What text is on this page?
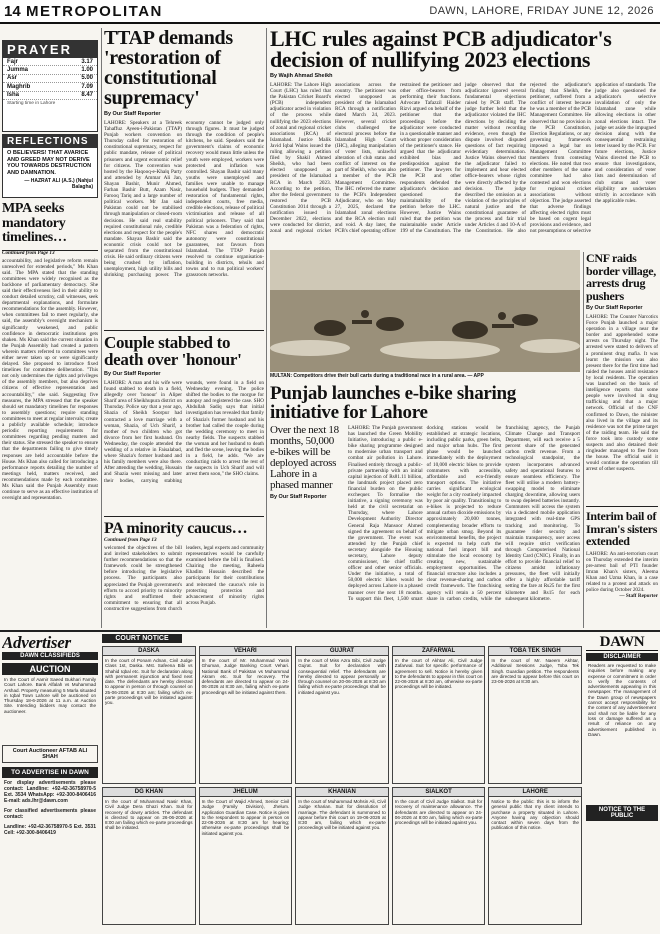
14 METROPOLITAN	DAWN, LAHORE, FRIDAY JUNE 12, 2026
PRAYER
Fajr	3.17
Jumma	1.00
Asr	5.00
Maghrib	7.09
Isha	8.47
Starting time in Lahore
REFLECTIONS
O BELIEVERS! THAT AVARICE AND GREED MAY NOT DERIVE YOU TOWARDS DESTRUCTION AND DAMNATION.
— HAZRAT ALI (A.S.) (Nahjul Balagha)
MPA seeks mandatory timelines…
Continued from Page 13
accountability, and legislative reform remain unresolved for extended periods," Ms Khan said. The MPA stated that the standing committees were widely recognised as the backbone of parliamentary democracy. She said their effectiveness lied in their ability to conduct detailed scrutiny, call witnesses, seek departmental explanations, and formulate recommendations for the assembly. However, when committees fail to meet regularly, she said, the assembly's oversight mechanism is significantly weakened, and public confidence in democratic institutions gets shaken. Ms Khan said the current situation in the Punjab Assembly had created a pattern wherein matters referred to committees were either never taken up or were significantly delayed. She proposed to introduce fixed timelines for committee deliberation. "This not only undermines the rights and privileges of the assembly members, but also deprives citizens of effective representation and accountability," she said. Suggesting five measures, the MPA stressed that the speaker should set mandatory timelines for responses to assembly questions; require standing committees to meet at regular intervals; create a publicly available schedule; introduce periodic reporting requirements for committees regarding pending matters and their status. She stressed the speaker to ensure that the departments failing to give timely responses are held accountable before the House. Ms Khan also called for introducing a performance reports detailing the number of meetings held, matters received, and recommendations made by each committee. Ms Khan said the Punjab Assembly must continue to serve as an effective institution of oversight and representation.
TTAP demands 'restoration of constitutional supremacy'
By Our Staff Reporter
LAHORE: Speakers at a Tehreek Tahaffuz Ayeen-i-Pakistan (TTAP) Punjab workers convention on Thursday called for restoration of constitutional supremacy, respect for public mandate, release of political prisoners and urgent economic relief for citizens. The convention was hosted by the Haqooq-e-Khalq Party and attended by Ammar Ali Jan, Shayan Bashir, Munir Ahmed, Farhan Bashir Butt, Azam Nasir, Farooq Tariq and a large number of political workers. Mr Jan said Pakistan could not be stabilised through manipulation or closed-room decisions. He said real stability required constitutional rule, credible elections and respect for the people's mandate. Shayan Bashir said the economic crisis could not be separated from the constitutional crisis. He said ordinary citizens were being crushed by inflation, unemployment, high utility bills and shrinking purchasing power. The economy cannot be judged only through figures. It must be judged through the condition of people's kitchens, he said. Speakers said the government's claims of economic recovery would mean little unless the youth were employed, workers were protected and inflation was controlled. Shayan Bashir said many youths were unemployed and families were unable to manage household budgets. They demanded restoration of fundamental rights, independent courts, free media, credible elections, release of political victimisation and release of all political prisoners. They said that Pakistan was a federation of rights, NFC shares and democratic autonomy were constitutional guarantees, not favours from Islamabad. The TTAP Punjab resolved to continue organisation-building in districts, tehsils and towns and to run political workers' grassroots networks.
Couple stabbed to death over 'honour'
By Our Staff Reporter
LAHORE: A man and his wife were found stabbed to death in a field, allegedly over 'honour' in Aliper Sharif area of Sheikhupura district on Thursday. Police say that a year ago, Shazia of Sheikh Soorpur had contracted a love marriage with a woman, Shazia, of Uch Sharif, a mother of two children who got divorce from her first husband. On Wednesday, the couple attended the wedding of a relative in Faisalabad, where Shazia's former husband and his family members were also there. After attending the wedding, Hussain and Shazia went missing and later their bodies, carrying stabbing wounds, were found in a field on Wednesday evening. The police shifted the bodies to the morgue for autopsy and registered the case. SHO Abdullah Sadiq says that initial investigation has revealed that family of Shazia's former husband and his brother had called the couple during the wedding ceremony to meet in nearby fields. The suspects stabbed the woman and her husband to death and fled the scene, leaving the bodies in a field, he adds. "We are conducting raids to arrest the rest of the suspects in Uch Sharif and will arrest them soon," the SHO claims.
PA minority caucus…
Continued from Page 13
welcomed the objectives of the bill and invited stakeholders to submit further recommendations so that the framework could be strengthened before introducing the legislative process. The participants also appreciated the Punjab government's efforts to accord priority to minority rights and reaffirmed their commitment to ensuring that all constructive suggestions from church leaders, legal experts and community representatives would be carefully examined before the bill is finalised. Chairing the meeting, Raheela Khadim Hussain described the participants for their contributions and reiterated the caucus's role in protecting protection and advancement of minority rights across Punjab.
LHC rules against PCB adjudicator's decision of nullifying 2023 elections
By Wajih Ahmad Sheikh
LAHORE: The Lahore High Court (LHC) has ruled that the Pakistan Cricket Board's (PCB) independent adjudicator acted in violation of the process while nullifying the 2023 elections of zonal and regional cricket associations (RCA) of Islamabad. Justice Malik Javid Iqbal Wains issued the ruling allowing a petition filed by Shakil Ahmed Sheikh, who had been elected unopposed as president of the Islamabad RCA in March 2023. According to the petition, after the federal government restored the PCB Constitution 2014 through a notification issued in December 2022, elections were conducted for district, zonal and regional cricket associations across the country. The petitioner was elected unopposed as president of the Islamabad RCA through a notification dated March 24, 2023. However, several cricket clubs challenged the electoral process before the Islamabad High Court (IHC), alleging manipulation of voter lists, unlawful alteration of club status and conflict of interest on the part of Sheikh, who was also a member of the PCB Management Committee. The IHC referred the matter to the PCB's Independent Adjudicator, who on May 27, 2025, declared the Islamabad zonal elections and the RCA election null and void. A day later, the PCB's chief operating officer restrained the petitioner and other office-bearers from performing their functions. Advocate Tafazzil Haider Rizvi argued on behalf of the petitioner that the proceedings before the adjudicator were conducted in a questionable manner and without proper consideration of the petitioner's stance. He argued that the adjudicator exhibited bias and predisposition against the petitioner. The lawyers for the PCB and other respondents defended the adjudicator's decision and questioned the maintainability of the petition before the LHC. However, Justice Wains ruled that the petition was maintainable under Article 199 of the Constitution. The judge observed that the adjudicator ignored several fundamental objections raised by PCB staff. The judge further held that the adjudicator violated the IHC directions by deciding the matter without recording evidence, even though the dispute involved disputed questions of fact requiring evidentiary determination. Justice Wains observed that the adjudicator failed to implement and hear elected office-bearers whose rights were directly affected by the decision. The judge described the omission as a violation of the principles of natural justice and the constitutional guarantee of the process and fair trial under Articles 4 and 10-A of the Constitution. He also rejected the adjudicator's finding that Sheikh, the petitioner, suffered from a conflict of interest because he was a member of the PCB Management Committee. He observed that no provision in the PCB Constitution, Election Regulations, or any governing framework imposed a legal bar on Management Committee members from contesting elections. He noted that two other members of the same committee had also contested and won elections for regional cricket associations without objection. The judge asserted that adverse findings affecting elected rights must be based on cogent legal provisions and evidence, and not presumptions or selective application of standards. The judge also questioned the adjudicator's selective invalidation of only the Islamabad zone while allowing elections in other zonal elections intact. The judge set aside the impugned decision along with the consequential restraining letter issued by the PCB. For future elections, Justice Wains directed the PCB to ensure that investigations, and consideration of voter lists and determination of club status and voter eligibility are undertaken strictly in accordance with the applicable rules.
MULTAN: Competitors drive their bull carts during a traditional race in a rural area. — APP
Punjab launches e-bike sharing initiative for Lahore
Over the next 18 months, 50,000 e-bikes will be deployed across Lahore in a phased manner
By Our Staff Reporter
LAHORE: The Punjab government has launched the Green Mobility Initiative, introducing a public e-bike sharing programme designed to modernise urban transport and combat air pollution in Lahore. Finalised entirely through a public-private partnership with an initial capital injection of Rs81.11 billion, the landmark project placed zero financial burden on the public exchequer. To formalise the initiative, a signing ceremony was held at the civil secretariat on Thursday, where Lahore Development Authority Director General Raja Mansoor Ahmed signed the agreement on behalf of the government. The event was attended by the Punjab chief secretary alongside the Housing secretary, Lahore deputy commissioner, the chief traffic officer and other senior officials. Under the initiative, a total of 50,000 electric bikes would be deployed across Lahore in a phased manner over the next 18 months. To support this fleet, 1,500 smart docking stations would be established at strategic locations, including public parks, green belts, and major urban hubs. The first phase would be launched immediately with the deployment of 10,000 electric bikes to provide commuters with accessible, affordable and eco-friendly transport options. The initiative carries significant ecological weight for a city routinely impacted by poor air quality. Transitioning to e-bikes is projected to reduce annual carbon dioxide emissions by approximately 20,000 tonnes, complementing broader efforts to mitigate urban smog. Beyond its environmental benefits, the project is expected to help curb the national fuel import bill and stimulate the local economy by creating new, sustainable employment opportunities. The financial structure also includes a clear revenue-sharing and carbon credit framework. The franchising agency will retain a 50 percent share in carbon credits, while the franchising agency, the Punjab Climate Change and Transport Department, will each receive a 5 percent share of the generated carbon credit revenue. From a technological standpoint, the system incorporates advanced safety and operational features to ensure seamless efficiency. The fleet will utilise a modern battery-swapping model to eliminate charging downtime, allowing users to swap depleted batteries instantly. Commuters will access the system via a dedicated mobile application integrated with real-time GPS tracking and monitoring. To guarantee rider security and maintain transparency, user access will require strict verification through Computerised National Identity Card (CNIC). Finally, in an effort to provide financial relief to citizens amidst inflationary pressures, the fleet will initially offer a highly affordable tariff setting the fare at Rs25 for the first kilometre and Rs15 for each subsequent kilometre.
CNF raids border village, arrests drug pushers
By Our Staff Reporter
LAHORE: The Counter Narcotics Force Punjab launched a major operation in a village near the border and apprehended some arrests on Thursday night. The arrested were stated to delivers of a prominent drug mafia. It was learnt the mission was also present there for the first time had raided the houses amid resistance by local residents. The operation was launched on the basis of intelligence reports that some people were involved in drug trafficking and that a major network. Official of the CNF confirmed to Dawn, the minister also lived in the village and its residence was not the prime target of the raiding team. He said the force took into custody some suspects and also detained their ringleader managed to flee from the house. The official said it would continue the operation till arrest of other suspects.
Interim bail of Imran's sisters extended
LAHORE: An anti-terrorism court on Thursday extended the interim pre-arrest bail of PTI founder Imran Khan's sisters, Aleema Khan and Uzma Khan, in a case related to a protest and attack on police during October 2024.
— Staff Reporter
Advertiser
DAWN CLASSIFIEDS
AUCTION
In the Court of Aamir Saeed Bukhari Family Court Lahore. Bank Alfalah vs Muhammad Arshad. Property measuring 5 Marla situated in Iqbal Town Lahore will be auctioned on Thursday 18-6-2026 at 11 a.m. at Auction Site. Intending bidders may contact the auctioneer.
Court Auctioneer AFTAB ALI SHAH
TO ADVERTISE IN DAWN
For display advertisements please contact: Landline: +92-42-36758970-5 Ext. 3534 WhatsApp: +92-300-8406416 E-mail: ads.lhr@dawn.com
For classified advertisements please contact:
Landline: +92-42-36758970-5 Ext. 3531 Cell: +92-300-8406419
COURT NOTICE
DASKA
In the court of Ponam Adnan, Civil Judge Class 1st, Daska. Mst. Safeena Bibi vs Shahid Iqbal etc. Suit for declaration along with permanent injunction and fixed next date. The defendants are hereby directed to appear in person or through counsel on 25-06-2026 at 8:30 am; failing which ex-parte proceedings will be initiated against you.
VEHARI
In the court of Mr. Muhammad Yasin Ghuman, Judge Banking Court Vehari. National Bank of Pakistan vs Muhammad Akram etc. Suit for recovery. The defendants are directed to appear on 24-06-2026 at 8:30 am, failing which ex-parte proceedings will be initiated against them.
GUJRAT
In the court of Miss Azra Bibi, Civil Judge Gujrat. Suit for declaration with consequential relief. The defendants are hereby directed to appear personally or through counsel on 20-06-2026 at 8:30 am failing which ex-parte proceedings shall be initiated against you.
ZAFARWAL
In the court of Akhtar Ali, Civil Judge Zafarwal. Suit for specific performance of agreement to sell. Notice is hereby given to the defendants to appear in this court on 22-06-2026 at 8:30 am, otherwise ex-parte proceedings will be initiated.
TOBA TEK SINGH
In the court of Mr. Naeem Akhtar, Additional Sessions Judge, Toba Tek Singh. Guardian petition. The respondents are directed to appear before this court on 23-06-2026 at 8:30 am.
DG KHAN
In the court of Muhammad Nasir Khan, Civil Judge Dera Ghazi Khan. Suit for recovery of dowry articles. The defendant is directed to appear on 26-06-2026 at 8:00 am failing which ex-parte proceedings shall be initiated.
JHELUM
In the Court of Wajid Ahmed, Senior Civil Judge (Family Division), Jhelum. Application Guardian Case. Notice is given to the respondent to appear in person on 22-06-2026 at 8:30 am for hearing; otherwise ex-parte proceedings shall be initiated against you.
KHANIAN
In the court of Muhammad Mohsin Ali, Civil Judge Kharian. Suit for dissolution of marriage. The defendant is summoned to appear before this court on 19-06-2026 at 8:30 am, failing which ex-parte proceedings will be initiated against you.
SIALKOT
In the court of Civil Judge Sialkot. Suit for recovery of maintenance allowance. The defendants are directed to appear on 24-06-2026 at 8:00 am, failing which ex-parte proceedings will be initiated against you.
LAHORE
Notice to the public: this is to inform the general public that my client intends to purchase a property situated in Lahore. Anyone having any objection should contact within seven days from the publication of this notice.
DAWN
DISCLAIMER
Readers are requested to make inquiries before making any expense or commitment in order to verify the contents of advertisements appearing in this newspaper. The management of the Dawn group of newspapers cannot accept responsibility for the content of any advertisement and shall not be liable for any loss or damage suffered as a result of reliance on any advertisement published in Dawn.
NOTICE TO THE PUBLIC
